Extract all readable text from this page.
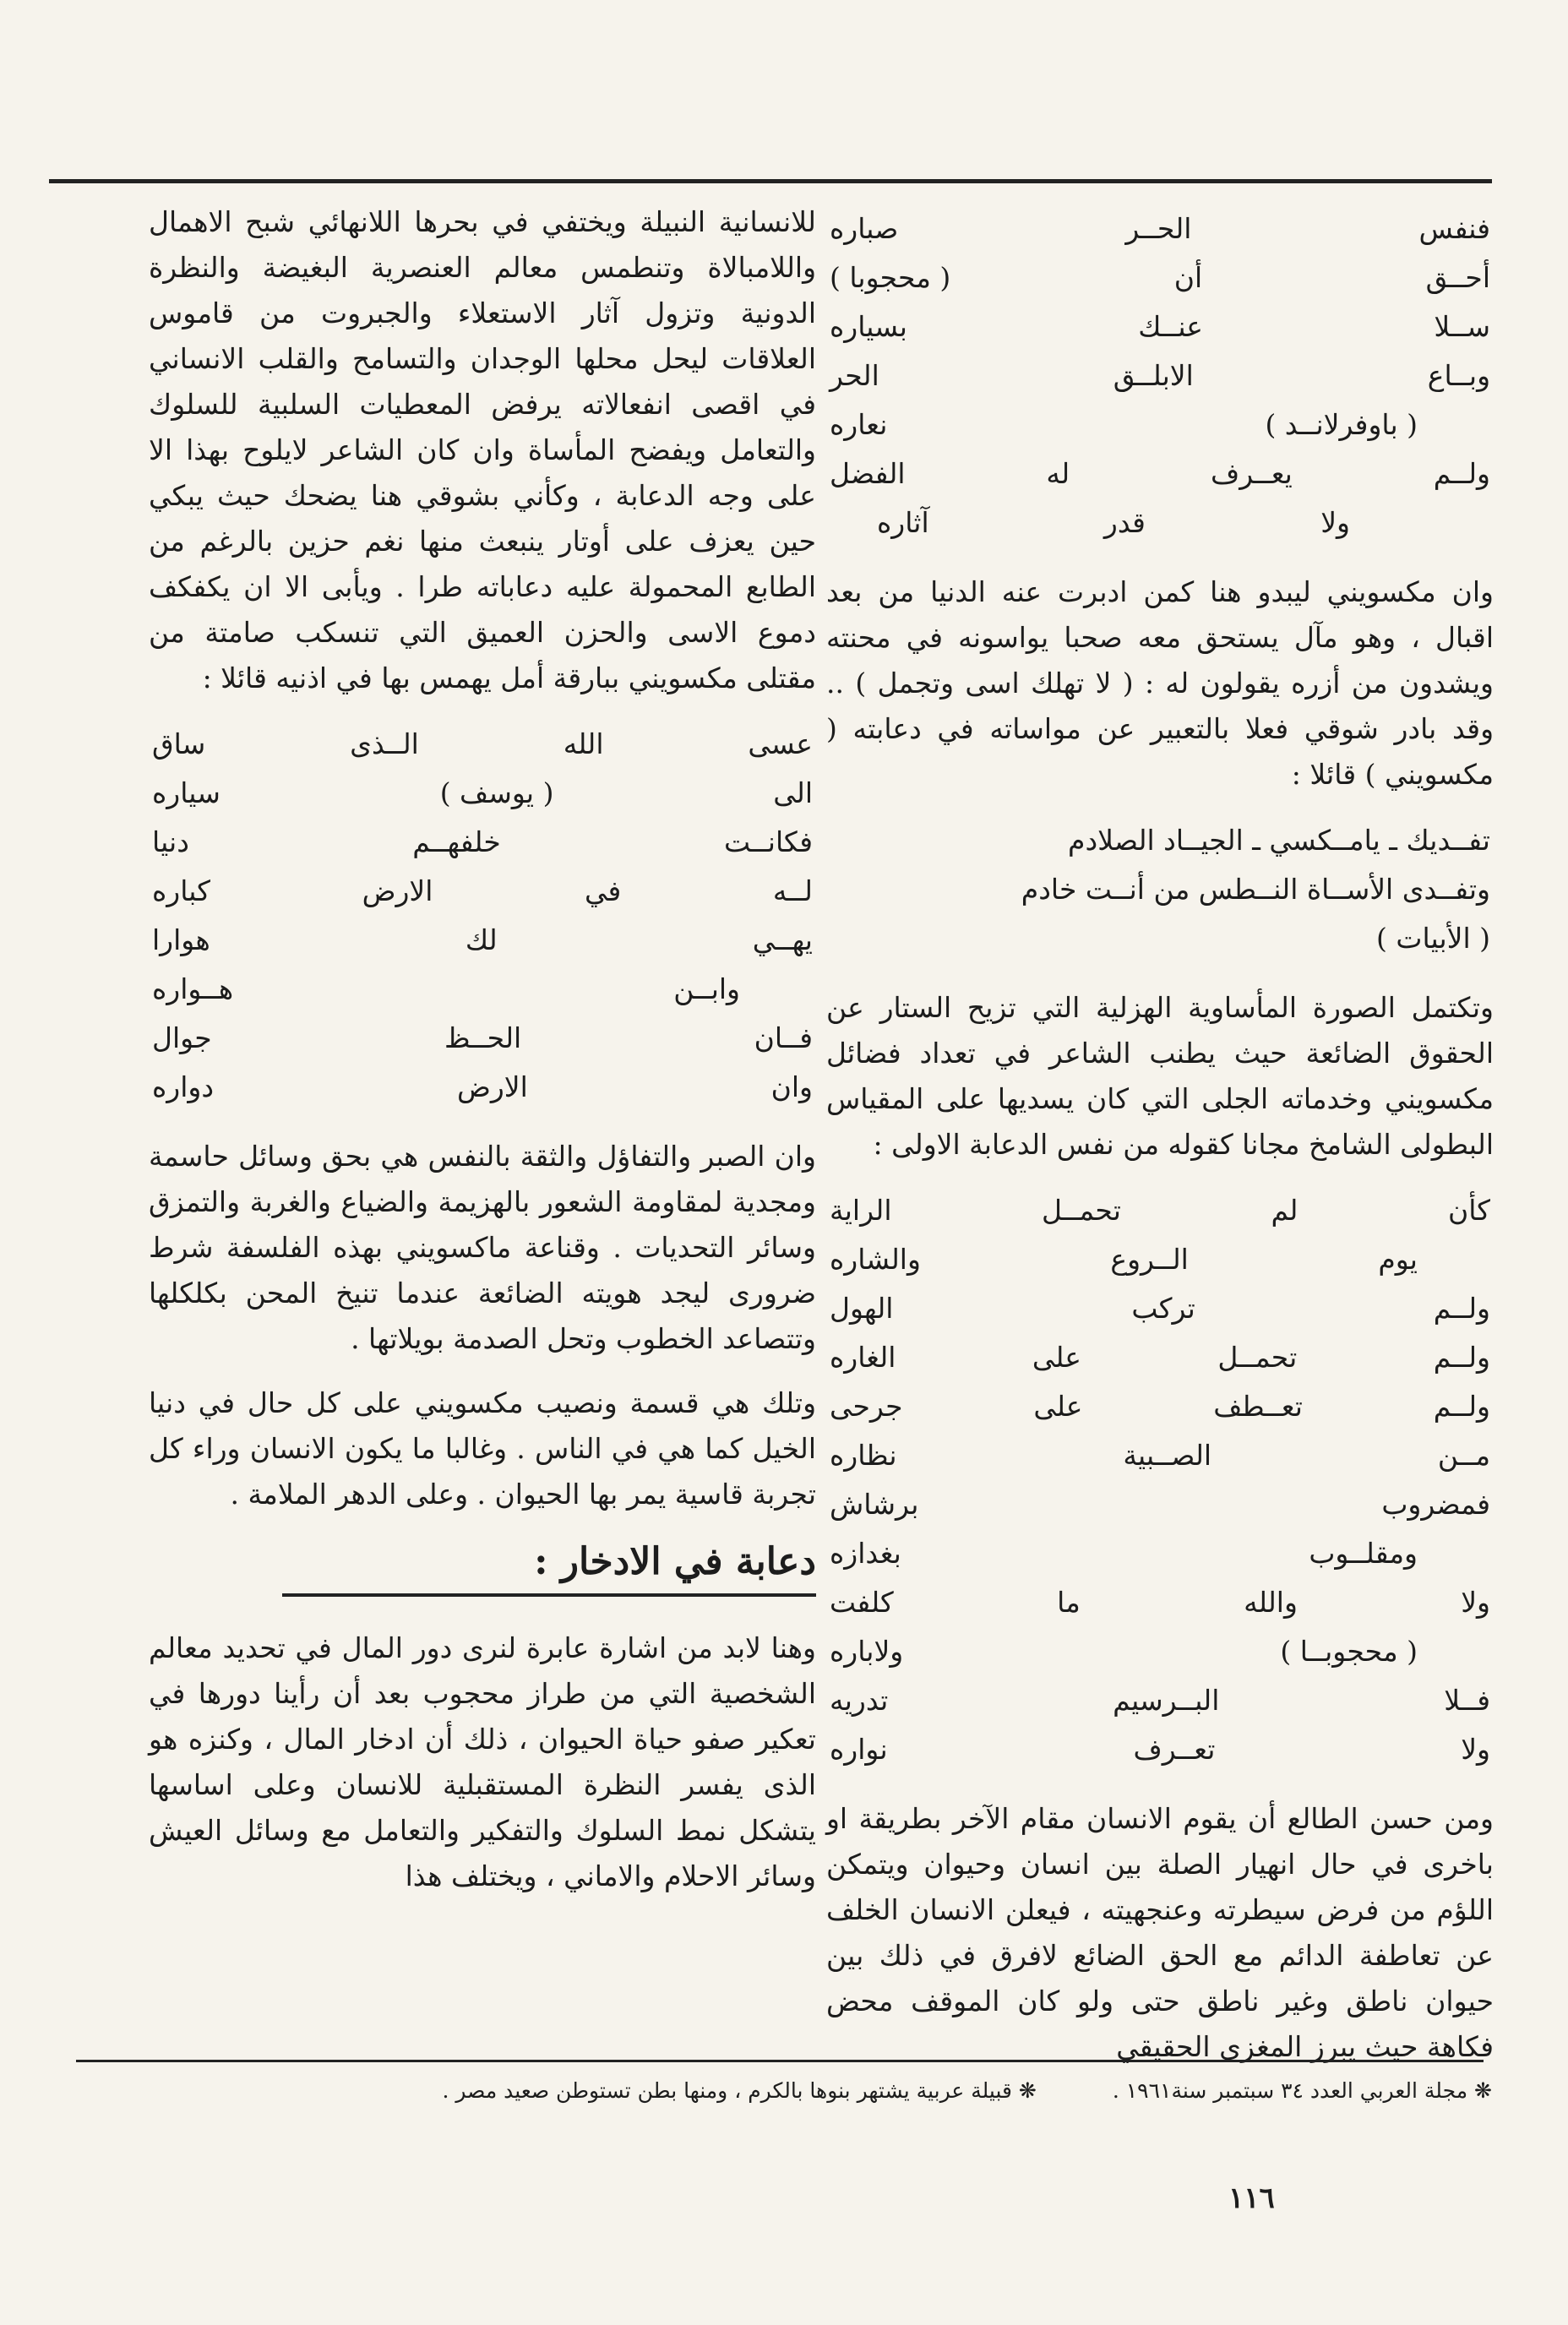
فنفس
الحــر
صباره
أحــق
أن
( محجوبا )
ســلا
عنــك
بسياره
وبــاع
الابلــق
الحر
( باوفرلانــد )
نعاره
ولــم
يعــرف
له
الفضل
ولا
قدر
آثاره

وان مكسويني ليبدو هنا كمن ادبرت عنه الدنيا من بعد اقبال ، وهو مآل يستحق معه صحبا يواسونه في محنته ويشدون من أزره يقولون له : ( لا تهلك اسى وتجمل ) .. وقد بادر شوقي فعلا بالتعبير عن مواساته في دعابته ( مكسويني ) قائلا :

تفــديك ـ يامــكسي ـ الجيــاد الصلادم
وتفــدى الأســاة النــطس من أنــت خادم
( الأبيات )

وتكتمل الصورة المأساوية الهزلية التي تزيح الستار عن الحقوق الضائعة حيث يطنب الشاعر في تعداد فضائل مكسويني وخدماته الجلى التي كان يسديها على المقياس البطولى الشامخ مجانا كقوله من نفس الدعابة الاولى :

كأن
لم
تحمــل
الراية
يوم
الــروع
والشاره
ولــم
تركب
الهول
ولــم
تحمــل
على
الغاره
ولــم
تعــطف
على
جرحى
مــن
الصــبية
نظاره
فمضروب
برشاش
ومقلــوب
بغدازه
ولا
والله
ما
كلفت
( محجوبــا )
ولاباره
فــلا
البــرسيم
تدريه
ولا
تعــرف
نواره

ومن حسن الطالع أن يقوم الانسان مقام الآخر بطريقة او باخرى في حال انهيار الصلة بين انسان وحيوان ويتمكن اللؤم من فرض سيطرته وعنجهيته ، فيعلن الانسان الخلف عن تعاطفة الدائم مع الحق الضائع لافرق في ذلك بين حيوان ناطق وغير ناطق حتى ولو كان الموقف محض فكاهة حيث يبرز المغزى الحقيقي

للانسانية النبيلة ويختفي في بحرها اللانهائي شبح الاهمال واللامبالاة وتنطمس معالم العنصرية البغيضة والنظرة الدونية وتزول آثار الاستعلاء والجبروت من قاموس العلاقات ليحل محلها الوجدان والتسامح والقلب الانساني في اقصى انفعالاته يرفض المعطيات السلبية للسلوك والتعامل ويفضح المأساة وان كان الشاعر لايلوح بهذا الا على وجه الدعابة ، وكأني بشوقي هنا يضحك حيث يبكي حين يعزف على أوتار ينبعث منها نغم حزين بالرغم من الطابع المحمولة عليه دعاباته طرا . ويأبى الا ان يكفكف دموع الاسى والحزن العميق التي تنسكب صامتة من مقتلى مكسويني ببارقة أمل يهمس بها في اذنيه قائلا :

عسى
الله
الــذى
ساق
الى
( يوسف )
سياره
فكانــت
خلفهــم
دنيا
لــه
في
الارض
كباره
يهــي
لك
هوارا
وابــن
هــواره
فــان
الحــظ
جوال
وان
الارض
دواره

وان الصبر والتفاؤل والثقة بالنفس هي بحق وسائل حاسمة ومجدية لمقاومة الشعور بالهزيمة والضياع والغربة والتمزق وسائر التحديات . وقناعة ماكسويني بهذه الفلسفة شرط ضرورى ليجد هويته الضائعة عندما تنيخ المحن بكلكلها وتتصاعد الخطوب وتحل الصدمة بويلاتها .

وتلك هي قسمة ونصيب مكسويني على كل حال في دنيا الخيل كما هي في الناس . وغالبا ما يكون الانسان وراء كل تجربة قاسية يمر بها الحيوان . وعلى الدهر الملامة .

دعابة في الادخار :

وهنا لابد من اشارة عابرة لنرى دور المال في تحديد معالم الشخصية التي من طراز محجوب بعد أن رأينا دورها في تعكير صفو حياة الحيوان ، ذلك أن ادخار المال ، وكنزه هو الذى يفسر النظرة المستقبلية للانسان وعلى اساسها يتشكل نمط السلوك والتفكير والتعامل مع وسائل العيش وسائر الاحلام والاماني ، ويختلف هذا

❋ مجلة العربي العدد ٣٤ سبتمبر سنة١٩٦١ .
❋ قبيلة عربية يشتهر بنوها بالكرم ، ومنها بطن تستوطن صعيد مصر .
١١٦
